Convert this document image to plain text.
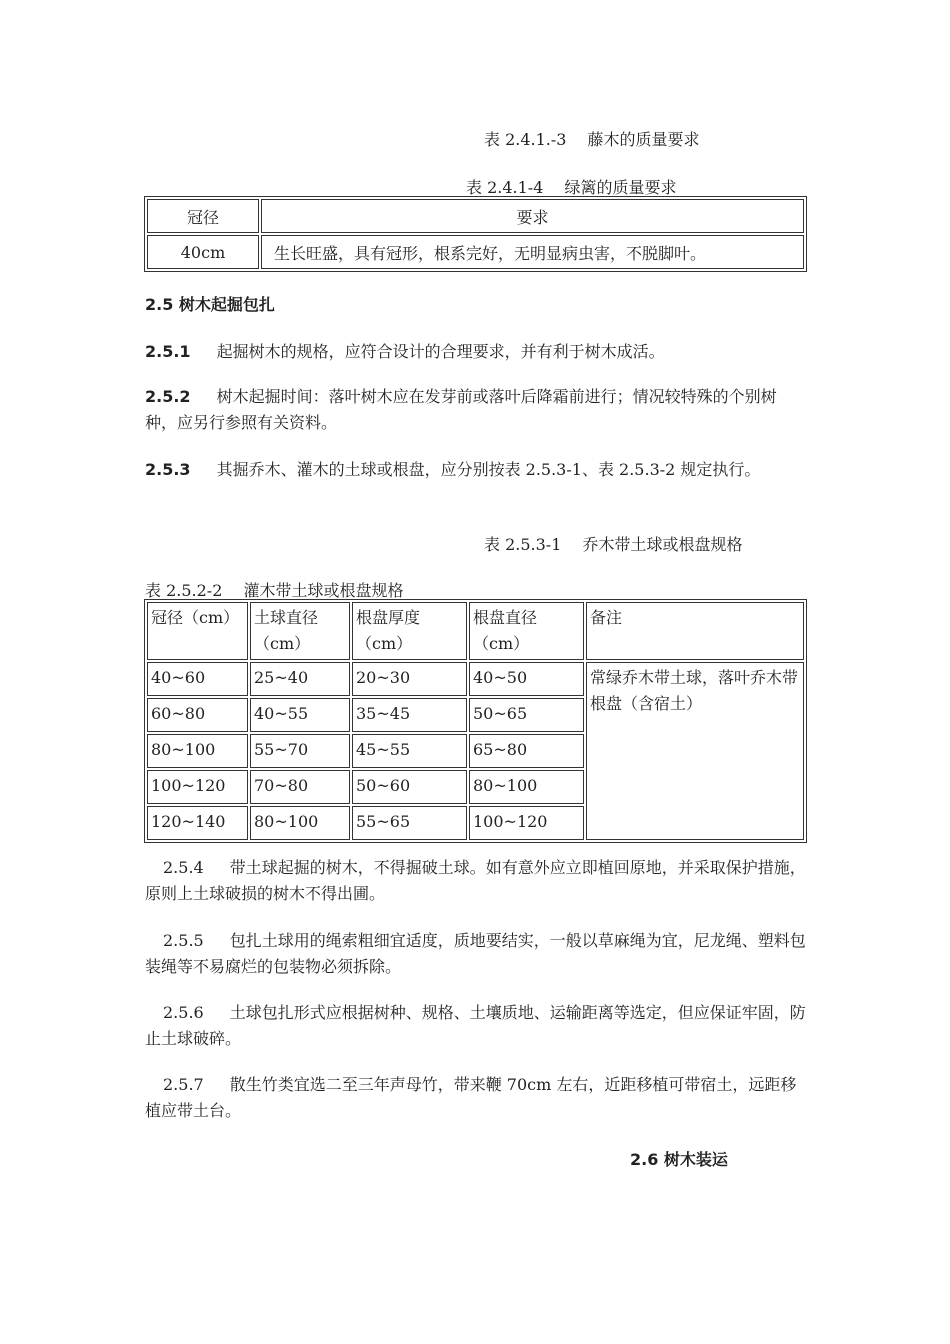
表 2.4.1.-3　 藤木的质量要求
表 2.4.1-4　 绿篱的质量要求
冠径	要求
40cm	生长旺盛，具有冠形，根系完好，无明显病虫害，不脱脚叶。
2.5 树木起掘包扎
2.5.1 起掘树木的规格，应符合设计的合理要求，并有利于树木成活。
2.5.2 树木起掘时间：落叶树木应在发芽前或落叶后降霜前进行；情况较特殊的个别树种，应另行参照有关资料。
2.5.3 其掘乔木、灌木的土球或根盘，应分别按表 2.5.3-1、表 2.5.3-2 规定执行。
表 2.5.3-1　 乔木带土球或根盘规格
表 2.5.2-2　 灌木带土球或根盘规格
冠径（cm）	土球直径（cm）	根盘厚度（cm）	根盘直径（cm）	备注
40~60	25~40	20~30	40~50	常绿乔木带土球，落叶乔木带根盘（含宿土）
60~80	40~55	35~45	50~65	
80~100	55~70	45~55	65~80	
100~120	70~80	50~60	80~100	
120~140	80~100	55~65	100~120	
2.5.4 带土球起掘的树木，不得掘破土球。如有意外应立即植回原地，并采取保护措施，原则上土球破损的树木不得出圃。
2.5.5 包扎土球用的绳索粗细宜适度，质地要结实，一般以草麻绳为宜，尼龙绳、塑料包装绳等不易腐烂的包装物必须拆除。
2.5.6 土球包扎形式应根据树种、规格、土壤质地、运输距离等选定，但应保证牢固，防止土球破碎。
2.5.7 散生竹类宜选二至三年声母竹，带来鞭 70cm 左右，近距移植可带宿土，远距移植应带土台。
2.6 树木装运
